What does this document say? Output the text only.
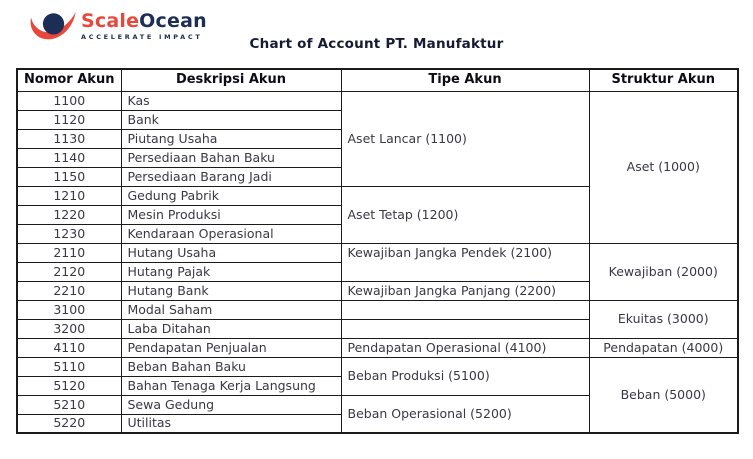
ScaleOcean
ACCELERATE IMPACT	Chart of Account PT. Manufaktur
Nomor Akun	Deskripsi Akun	Tipe Akun	Struktur Akun
1100	Kas	Aset Lancar (1100)	Aset (1000)
1120	Bank		
1130	Piutang Usaha		
1140	Persediaan Bahan Baku		
1150	Persediaan Barang Jadi		
1210	Gedung Pabrik	Aset Tetap (1200)	
1220	Mesin Produksi		
1230	Kendaraan Operasional		
2110	Hutang Usaha	Kewajiban Jangka Pendek (2100)	Kewajiban (2000)
2120	Hutang Pajak		
2210	Hutang Bank	Kewajiban Jangka Panjang (2200)	
3100	Modal Saham		Ekuitas (3000)
3200	Laba Ditahan		
4110	Pendapatan Penjualan	Pendapatan Operasional (4100)	Pendapatan (4000)
5110	Beban Bahan Baku	Beban Produksi (5100)	Beban (5000)
5120	Bahan Tenaga Kerja Langsung		
5210	Sewa Gedung	Beban Operasional (5200)	
5220	Utilitas		
